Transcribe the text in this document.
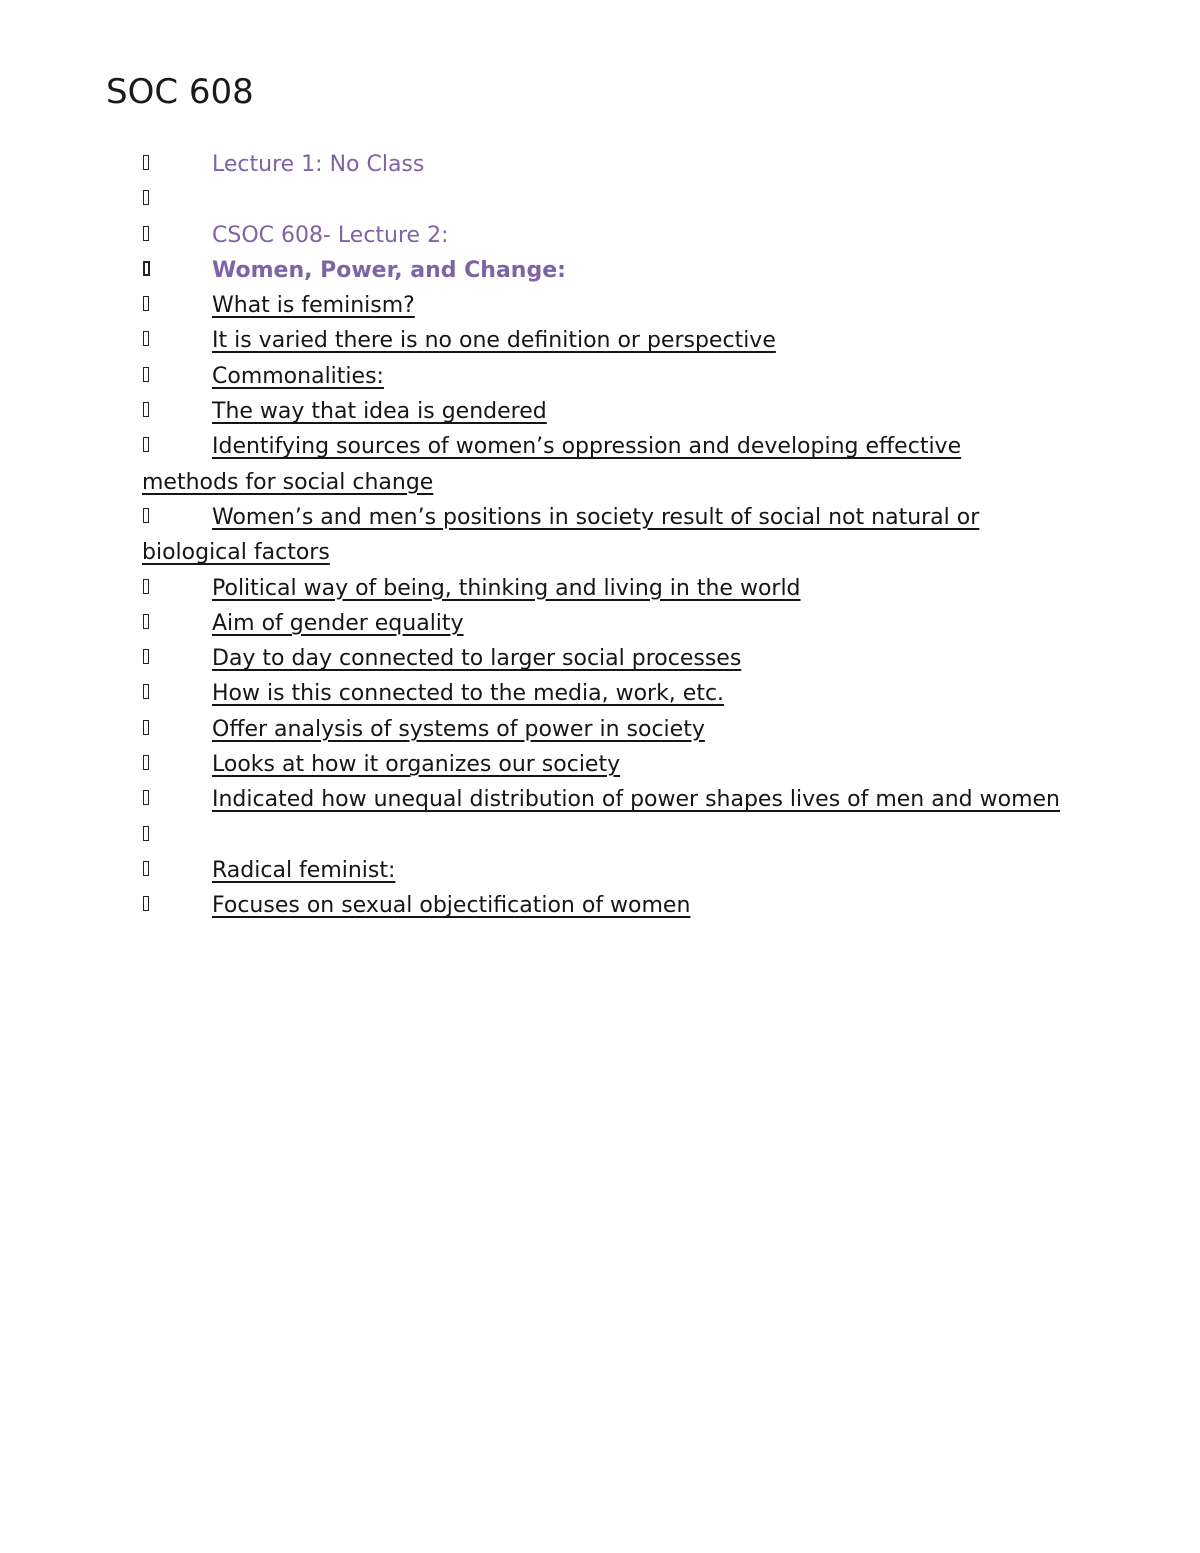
SOC 608
Lecture 1: No Class
CSOC 608- Lecture 2:
Women, Power, and Change:
What is feminism?
It is varied there is no one definition or perspective
Commonalities:
The way that idea is gendered
Identifying sources of women’s oppression and developing effective methods for social change
Women’s and men’s positions in society result of social not natural or biological factors
Political way of being, thinking and living in the world
Aim of gender equality
Day to day connected to larger social processes
How is this connected to the media, work, etc.
Offer analysis of systems of power in society
Looks at how it organizes our society
Indicated how unequal distribution of power shapes lives of men and women
Radical feminist:
Focuses on sexual objectification of women
